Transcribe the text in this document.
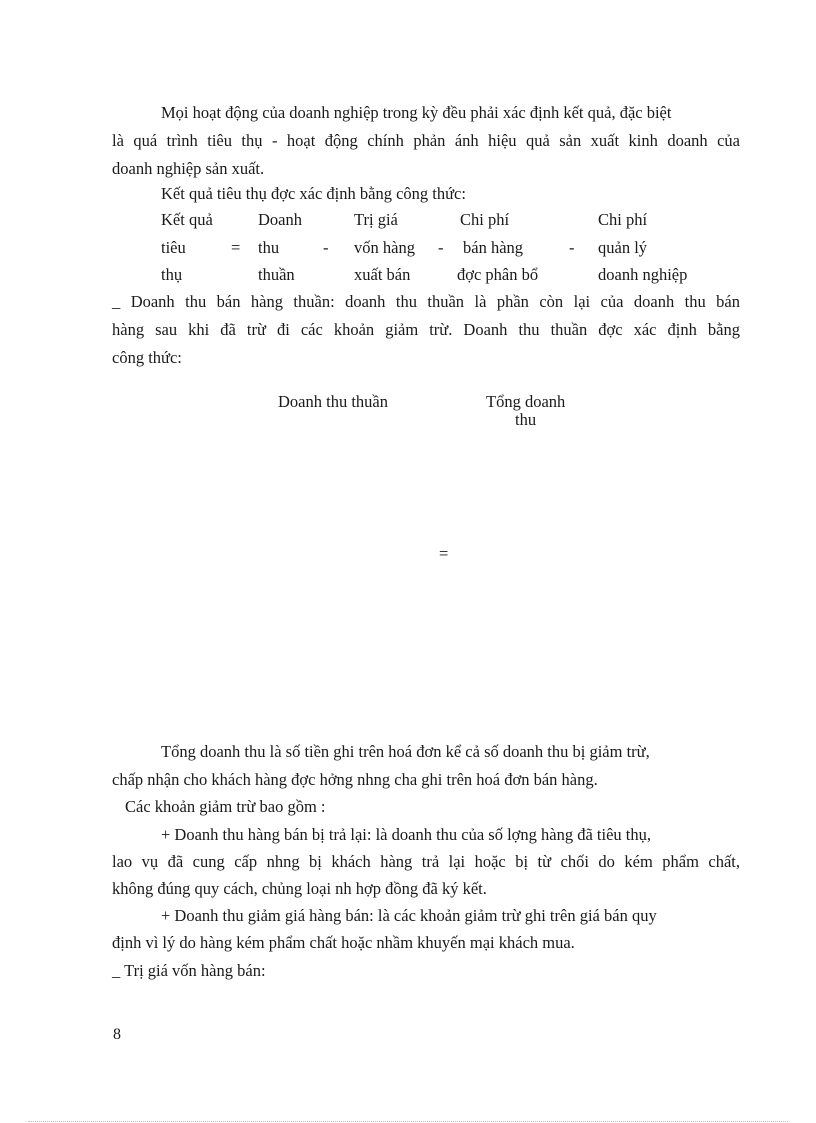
Mọi hoạt động của doanh nghiệp trong kỳ đều phải xác định kết quả, đặc biệt
là quá trình tiêu thụ - hoạt động chính phản ánh hiệu quả sản xuất kinh doanh của
doanh nghiệp sản xuất.
Kết quả tiêu thụ đợc xác định bằng công thức:
Kết quả	Doanh	Trị giá	Chi phí	Chi phí
tiêu	= thu	- vốn hàng - bán hàng	- quản lý
thụ	thuần	xuất bán	đợc phân bổ	doanh nghiệp
_ Doanh thu bán hàng thuần: doanh thu thuần là phần còn lại của doanh thu bán
hàng sau khi đã trừ đi các khoản giảm trừ. Doanh thu thuần đợc xác định bằng
công thức:
Doanh thu thuần	Tổng doanh
thu
=
Tổng doanh thu là số tiền ghi trên hoá đơn kể cả số doanh thu bị giảm trừ,
chấp nhận cho khách hàng đợc hởng nhng cha ghi trên hoá đơn bán hàng.
Các khoản giảm trừ bao gồm :
+ Doanh thu hàng bán bị trả lại: là doanh thu của số lợng hàng đã tiêu thụ,
lao vụ đã cung cấp nhng bị khách hàng trả lại hoặc bị từ chối do kém phẩm chất,
không đúng quy cách, chủng loại nh hợp đồng đã ký kết.
+ Doanh thu giảm giá hàng bán: là các khoản giảm trừ ghi trên giá bán quy
định vì lý do hàng kém phẩm chất hoặc nhầm khuyến mại khách mua.
_ Trị giá vốn hàng bán:
8
